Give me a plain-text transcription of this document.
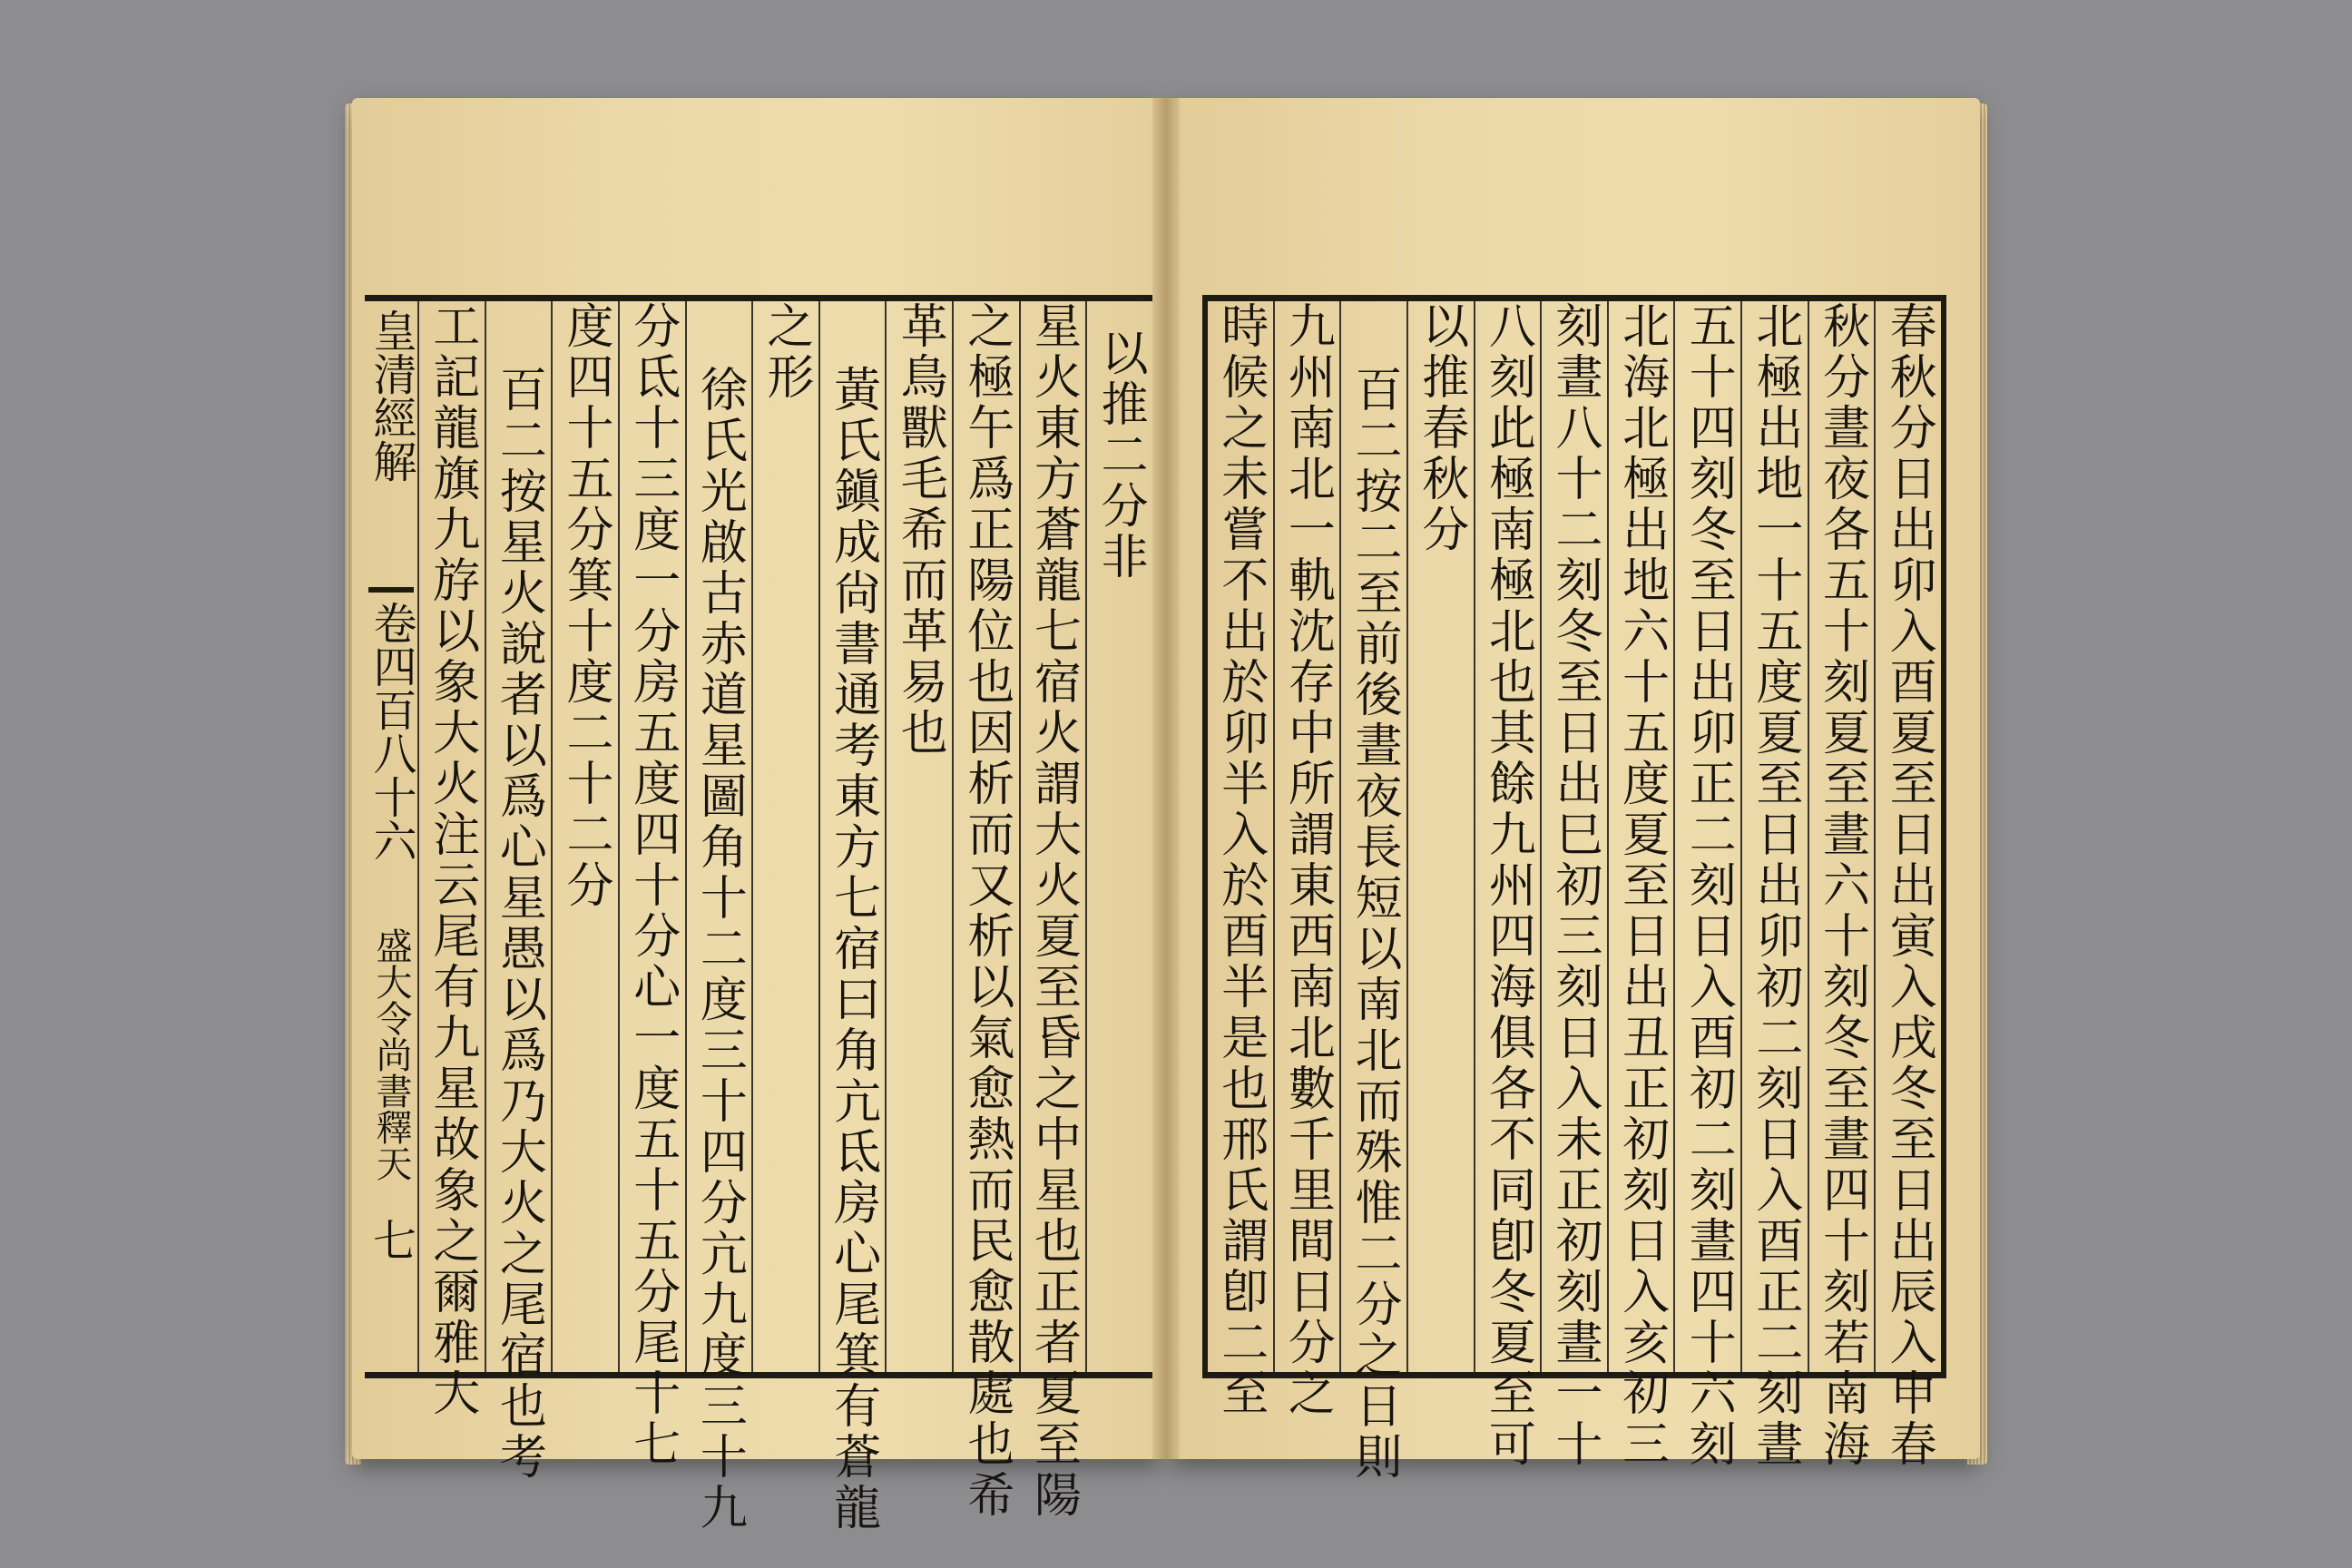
皇清經解
卷四百八十六
盛大令尚書釋天
七
以推二分非
星火東方蒼龍七宿火謂大火夏至昏之中星也正者夏至陽
之極午爲正陽位也因析而又析以氣愈熱而民愈散處也希
革鳥獸毛希而革易也
黃氏鎭成尙書通考東方七宿曰角亢氐房心尾箕有蒼龍
之形
徐氏光啟古赤道星圖角十二度三十四分亢九度三十九
分氐十三度一分房五度四十分心一度五十五分尾十七
度四十五分箕十度二十二分
百二按星火說者以爲心星愚以爲乃大火之尾宿也考
工記龍旗九斿以象大火注云尾有九星故象之爾雅大	春秋分日出卯入酉夏至日出寅入戌冬至日出辰入申春
秋分晝夜各五十刻夏至晝六十刻冬至晝四十刻若南海
北極出地一十五度夏至日出卯初二刻日入酉正二刻晝
五十四刻冬至日出卯正二刻日入酉初二刻晝四十六刻
北海北極出地六十五度夏至日出丑正初刻日入亥初三
刻晝八十二刻冬至日出巳初三刻日入未正初刻晝一十
八刻此極南極北也其餘九州四海俱各不同卽冬夏至可
以推春秋分
百二按二至前後晝夜長短以南北而殊惟二分之日則
九州南北一軌沈存中所謂東西南北數千里間日分之
時候之未嘗不出於卯半入於酉半是也邢氏謂卽二至
